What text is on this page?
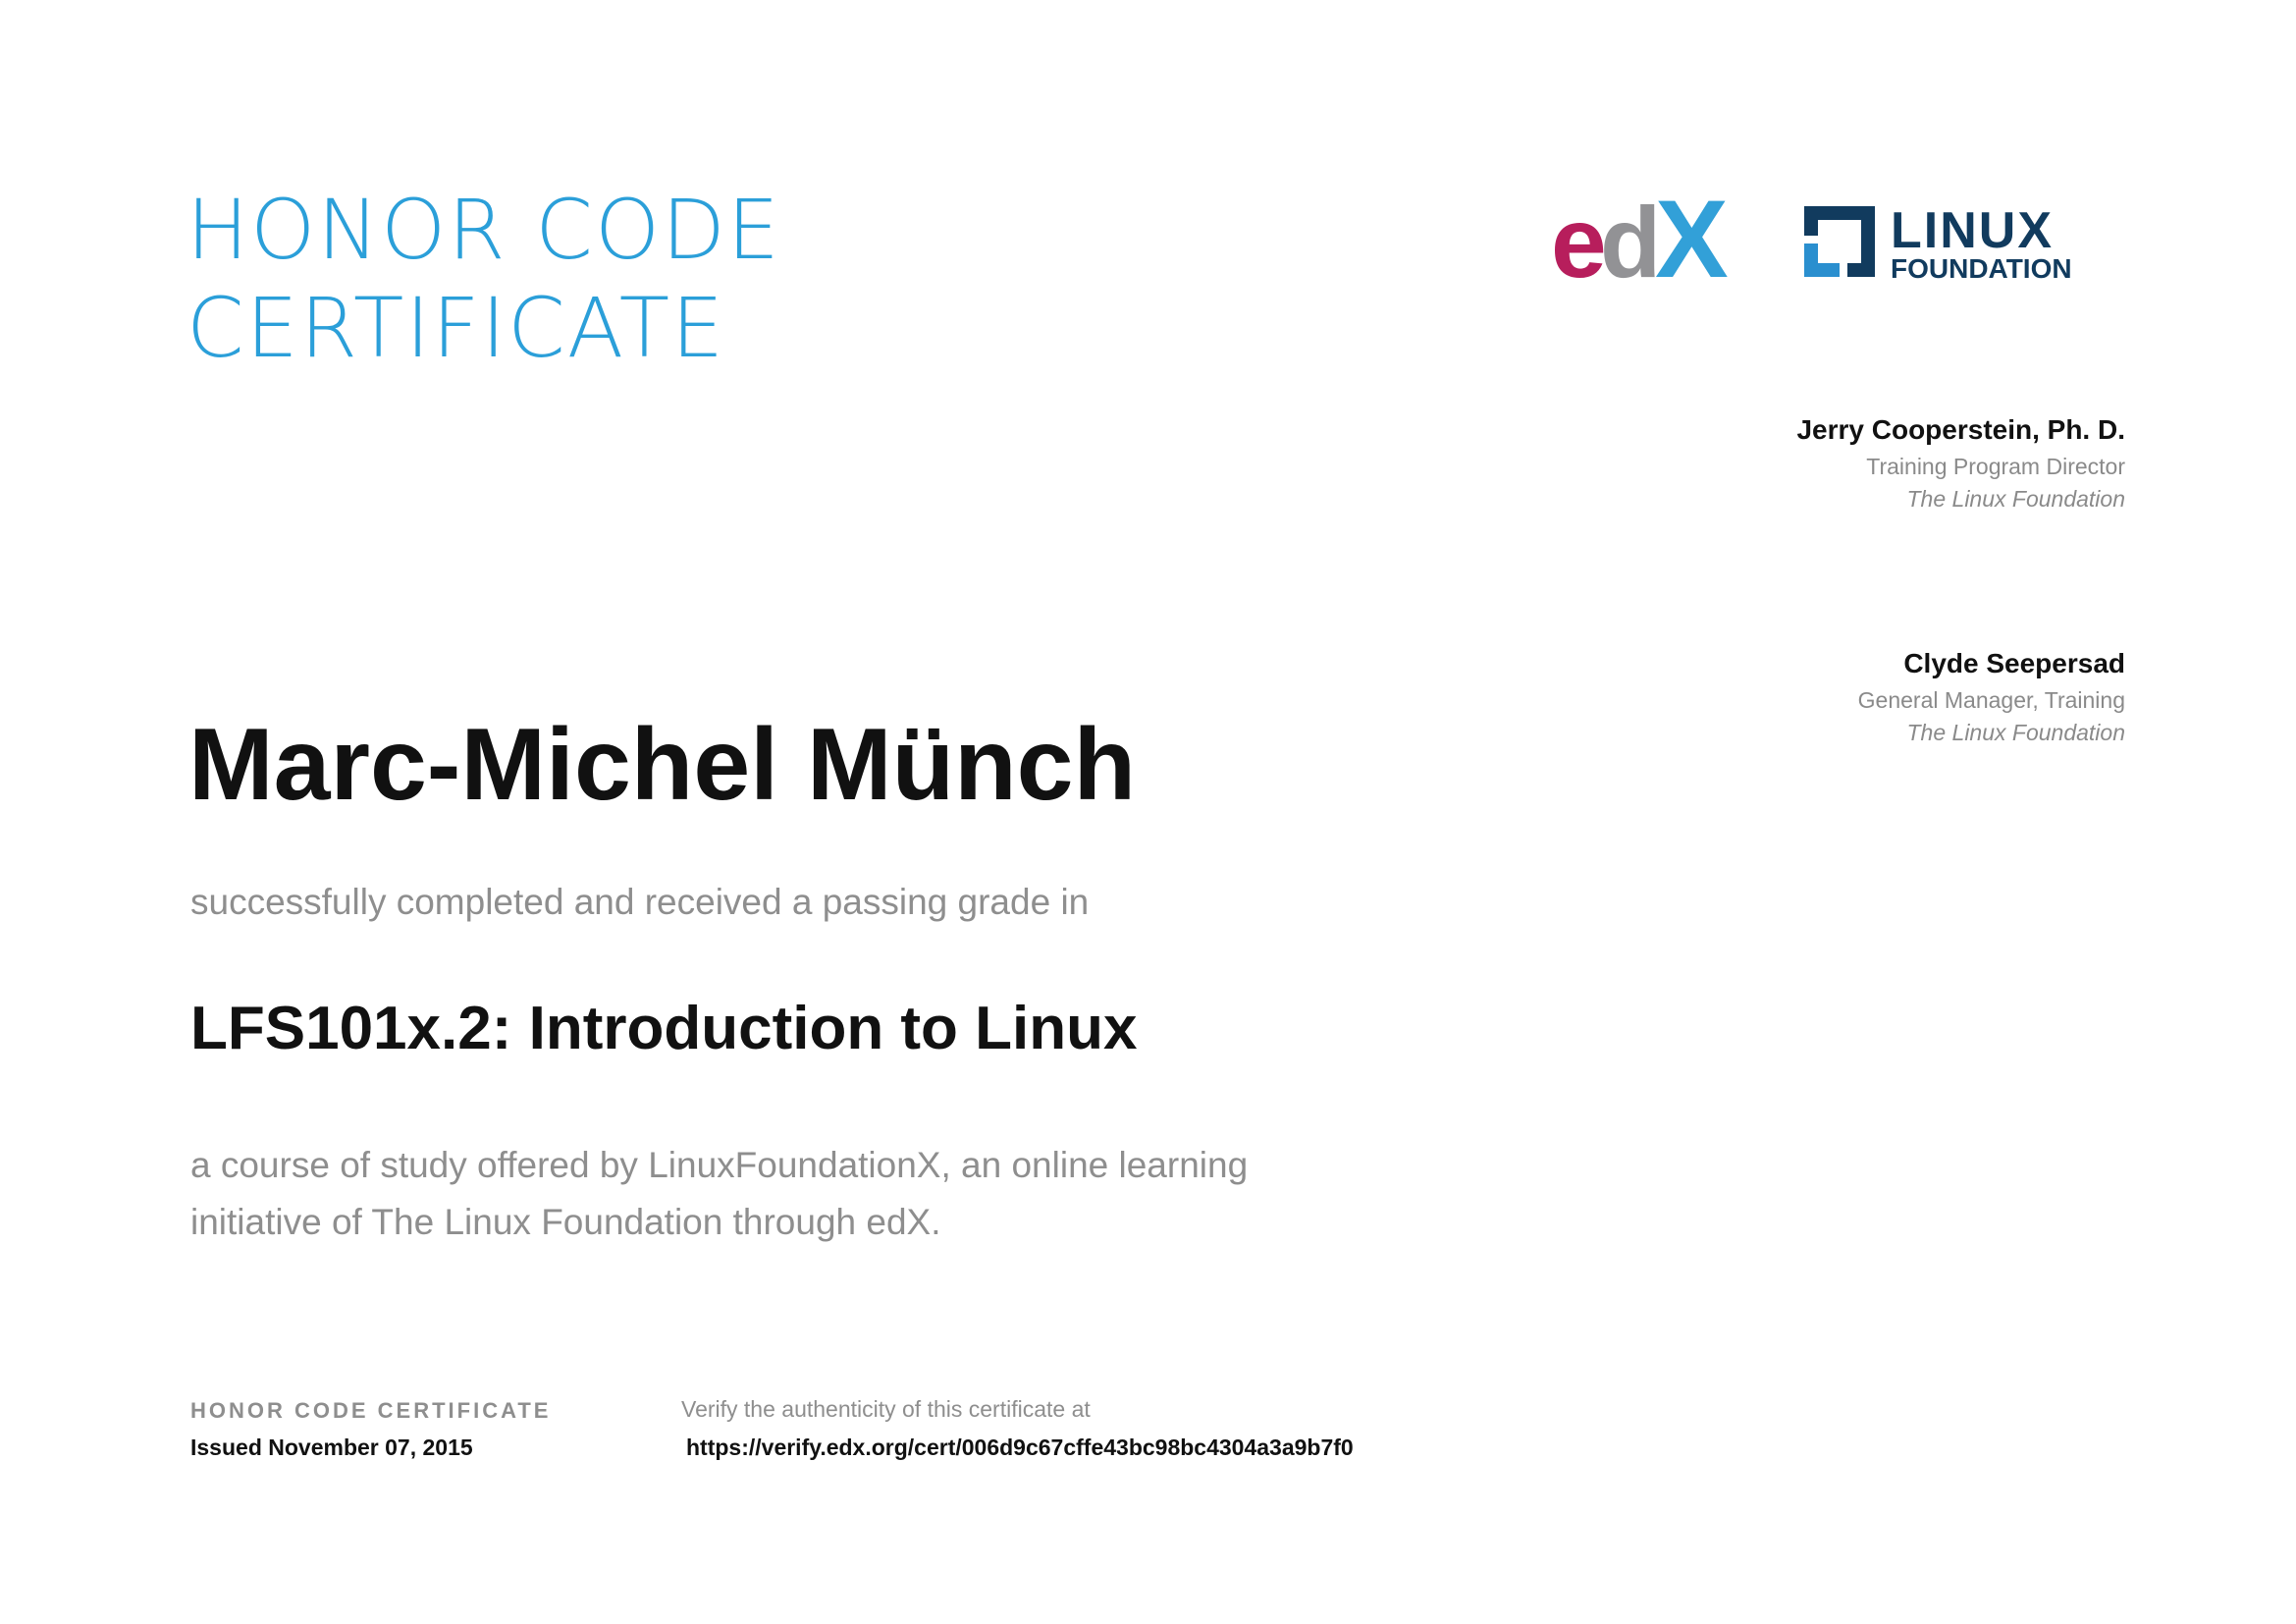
HONOR CODE
CERTIFICATE
e
d
X	LINUX
FOUNDATION
Jerry Cooperstein, Ph. D.
Training Program Director
The Linux Foundation
Clyde Seepersad
General Manager, Training
The Linux Foundation
Marc-Michel Münch
successfully completed and received a passing grade in
LFS101x.2: Introduction to Linux
a course of study offered by LinuxFoundationX, an online learning
initiative of The Linux Foundation through edX.
HONOR CODE CERTIFICATE
Issued November 07, 2015
Verify the authenticity of this certificate at
https://verify.edx.org/cert/006d9c67cffe43bc98bc4304a3a9b7f0
